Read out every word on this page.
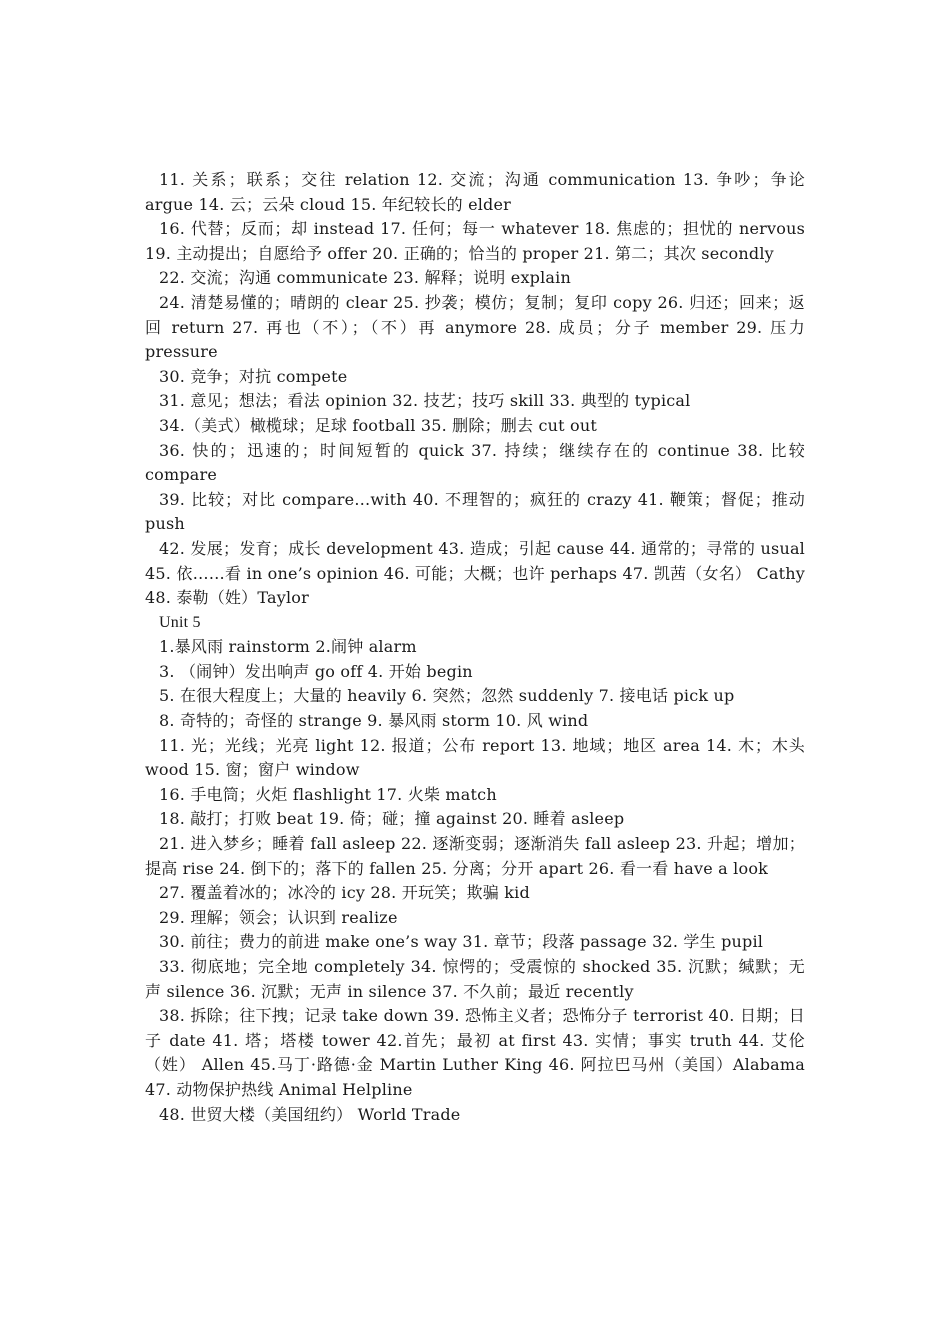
11. 关系；联系；交往 relation 12. 交流；沟通 communication 13. 争吵；争论 argue 14. 云；云朵 cloud 15. 年纪较长的 elder

16. 代替；反而；却 instead 17. 任何；每一 whatever 18. 焦虑的；担忧的 nervous 19. 主动提出；自愿给予 offer 20. 正确的；恰当的 proper 21. 第二；其次 secondly

22. 交流；沟通 communicate 23. 解释；说明 explain

24. 清楚易懂的；晴朗的 clear 25. 抄袭；模仿；复制；复印 copy 26. 归还；回来；返回 return 27. 再也（不）；（不）再 anymore 28. 成员；分子 member 29. 压力 pressure

30. 竞争；对抗 compete

31. 意见；想法；看法 opinion 32. 技艺；技巧 skill 33. 典型的 typical

34.（美式）橄榄球；足球 football 35. 删除；删去 cut out

36. 快的；迅速的；时间短暂的 quick 37. 持续；继续存在的 continue 38. 比较 compare

39. 比较；对比 compare…with 40. 不理智的；疯狂的 crazy 41. 鞭策；督促；推动 push

42. 发展；发育；成长 development 43. 造成；引起 cause 44. 通常的；寻常的 usual 45. 依……看 in one’s opinion 46. 可能；大概；也许 perhaps 47. 凯茜（女名） Cathy 48. 泰勒（姓）Taylor

Unit 5

1.暴风雨 rainstorm 2.闹钟 alarm

3. （闹钟）发出响声 go off 4. 开始 begin

5. 在很大程度上；大量的 heavily 6. 突然；忽然 suddenly 7. 接电话 pick up

8. 奇特的；奇怪的 strange 9. 暴风雨 storm 10. 风 wind

11. 光；光线；光亮 light 12. 报道；公布 report 13. 地域；地区 area 14. 木；木头 wood 15. 窗；窗户 window

16. 手电筒；火炬 flashlight 17. 火柴 match

18. 敲打；打败 beat 19. 倚；碰；撞 against 20. 睡着 asleep

21. 进入梦乡；睡着 fall asleep 22. 逐渐变弱；逐渐消失 fall asleep 23. 升起；增加；提高 rise 24. 倒下的；落下的 fallen 25. 分离；分开 apart 26. 看一看 have a look

27. 覆盖着冰的；冰冷的 icy 28. 开玩笑；欺骗 kid

29. 理解；领会；认识到 realize

30. 前往；费力的前进 make one’s way 31. 章节；段落 passage 32. 学生 pupil

33. 彻底地；完全地 completely 34. 惊愕的；受震惊的 shocked 35. 沉默；缄默；无声 silence 36. 沉默；无声 in silence 37. 不久前；最近 recently

38. 拆除；往下拽；记录 take down 39. 恐怖主义者；恐怖分子 terrorist 40. 日期；日子 date 41. 塔；塔楼 tower 42.首先；最初 at first 43. 实情；事实 truth 44. 艾伦（姓） Allen 45.马丁·路德·金 Martin Luther King 46. 阿拉巴马州（美国）Alabama 47. 动物保护热线 Animal Helpline

48. 世贸大楼（美国纽约） World Trade
